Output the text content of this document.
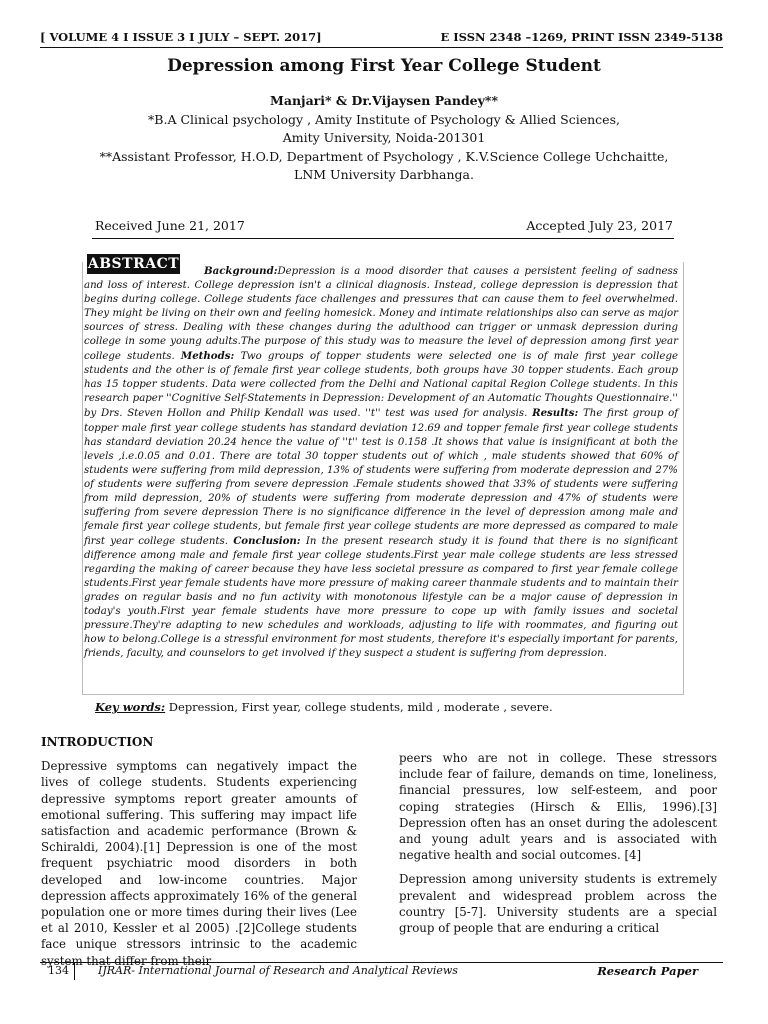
[ VOLUME 4 I ISSUE 3 I JULY – SEPT. 2017]	E ISSN 2348 –1269, PRINT ISSN 2349-5138
Depression among First Year College Student
Manjari* & Dr.Vijaysen Pandey**
*B.A Clinical psychology , Amity Institute of Psychology & Allied Sciences,
Amity University, Noida-201301
**Assistant Professor, H.O.D, Department of Psychology , K.V.Science College Uchchaitte,
LNM University Darbhanga.
Received June 21, 2017	Accepted July 23, 2017
ABSTRACT	Background:Depression is a mood disorder that causes a persistent feeling of sadness and loss of interest. College depression isn't a clinical diagnosis. Instead, college depression is depression that begins during college. College students face challenges and pressures that can cause them to feel overwhelmed. They might be living on their own and feeling homesick. Money and intimate relationships also can serve as major sources of stress. Dealing with these changes during the adulthood can trigger or unmask depression during college in some young adults.The purpose of this study was to measure the level of depression among first year college students. Methods: Two groups of topper students were selected one is of male first year college students and the other is of female first year college students, both groups have 30 topper students. Each group has 15 topper students. Data were collected from the Delhi and National capital Region College students. In this research paper ''Cognitive Self-Statements in Depression: Development of an Automatic Thoughts Questionnaire.'' by Drs. Steven Hollon and Philip Kendall was used. ''t'' test was used for analysis. Results: The first group of topper male first year college students has standard deviation 12.69 and topper female first year college students has standard deviation 20.24 hence the value of ''t'' test is 0.158 .It shows that value is insignificant at both the levels ,i.e.0.05 and 0.01. There are total 30 topper students out of which , male students showed that 60% of students were suffering from mild depression, 13% of students were suffering from moderate depression and 27% of students were suffering from severe depression .Female students showed that 33% of students were suffering from mild depression, 20% of students were suffering from moderate depression and 47% of students were suffering from severe depression There is no significance difference in the level of depression among male and female first year college students, but female first year college students are more depressed as compared to male first year college students. Conclusion: In the present research study it is found that there is no significant difference among male and female first year college students.First year male college students are less stressed regarding the making of career because they have less societal pressure as compared to first year female college students.First year female students have more pressure of making career thanmale students and to maintain their grades on regular basis and no fun activity with monotonous lifestyle can be a major cause of depression in today's youth.First year female students have more pressure to cope up with family issues and societal pressure.They're adapting to new schedules and workloads, adjusting to life with roommates, and figuring out how to belong.College is a stressful environment for most students, therefore it's especially important for parents, friends, faculty, and counselors to get involved if they suspect a student is suffering from depression.
Key words: Depression, First year, college students, mild , moderate , severe.

INTRODUCTION

Depressive symptoms can negatively impact the lives of college students. Students experiencing depressive symptoms report greater amounts of emotional suffering. This suffering may impact life satisfaction and academic performance (Brown & Schiraldi, 2004).[1] Depression is one of the most frequent psychiatric mood disorders in both developed and low-income countries. Major depression affects approximately 16% of the general population one or more times during their lives (Lee et al 2010, Kessler et al 2005) .[2]College students face unique stressors intrinsic to the academic system that differ from their

peers who are not in college. These stressors include fear of failure, demands on time, loneliness, financial pressures, low self-esteem, and poor coping strategies (Hirsch & Ellis, 1996).[3] Depression often has an onset during the adolescent and young adult years and is associated with negative health and social outcomes. [4]

Depression among university students is extremely prevalent and widespread problem across the country [5-7]. University students are a special group of people that are enduring a critical

134	IJRAR- International Journal of Research and Analytical Reviews	Research Paper
